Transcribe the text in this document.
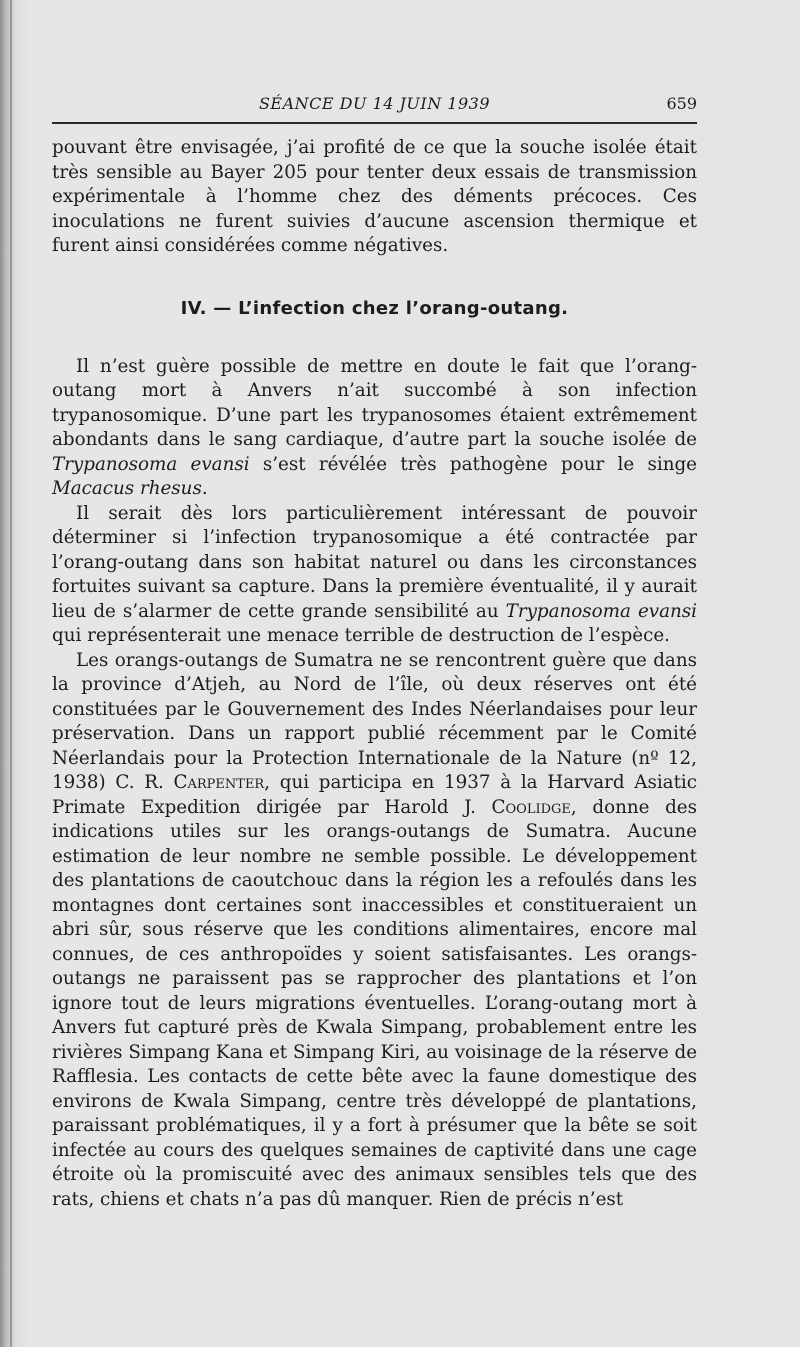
SÉANCE DU 14 JUIN 1939	659

pouvant être envisagée, j’ai profité de ce que la souche isolée était très sensible au Bayer 205 pour tenter deux essais de transmission expérimentale à l’homme chez des déments précoces. Ces inoculations ne furent suivies d’aucune ascension thermique et furent ainsi considérées comme négatives.

IV. — L’infection chez l’orang-outang.

Il n’est guère possible de mettre en doute le fait que l’orang-outang mort à Anvers n’ait succombé à son infection trypanosomique. D’une part les trypanosomes étaient extrêmement abondants dans le sang cardiaque, d’autre part la souche isolée de Trypanosoma evansi s’est révélée très pathogène pour le singe Macacus rhesus.

Il serait dès lors particulièrement intéressant de pouvoir déterminer si l’infection trypanosomique a été contractée par l’orang-outang dans son habitat naturel ou dans les circonstances fortuites suivant sa capture. Dans la première éventualité, il y aurait lieu de s’alarmer de cette grande sensibilité au Trypanosoma evansi qui représenterait une menace terrible de destruction de l’espèce.

Les orangs-outangs de Sumatra ne se rencontrent guère que dans la province d’Atjeh, au Nord de l’île, où deux réserves ont été constituées par le Gouvernement des Indes Néerlandaises pour leur préservation. Dans un rapport publié récemment par le Comité Néerlandais pour la Protection Internationale de la Nature (nº 12, 1938) C. R. Carpenter, qui participa en 1937 à la Harvard Asiatic Primate Expedition dirigée par Harold J. Coolidge, donne des indications utiles sur les orangs-outangs de Sumatra. Aucune estimation de leur nombre ne semble possible. Le développement des plantations de caoutchouc dans la région les a refoulés dans les montagnes dont certaines sont inaccessibles et constitueraient un abri sûr, sous réserve que les conditions alimentaires, encore mal connues, de ces anthropoïdes y soient satisfaisantes. Les orangs-outangs ne paraissent pas se rapprocher des plantations et l’on ignore tout de leurs migrations éventuelles. L’orang-outang mort à Anvers fut capturé près de Kwala Simpang, probablement entre les rivières Simpang Kana et Simpang Kiri, au voisinage de la réserve de Rafflesia. Les contacts de cette bête avec la faune domestique des environs de Kwala Simpang, centre très développé de plantations, paraissant problématiques, il y a fort à présumer que la bête se soit infectée au cours des quelques semaines de captivité dans une cage étroite où la promiscuité avec des animaux sensibles tels que des rats, chiens et chats n’a pas dû manquer. Rien de précis n’est
